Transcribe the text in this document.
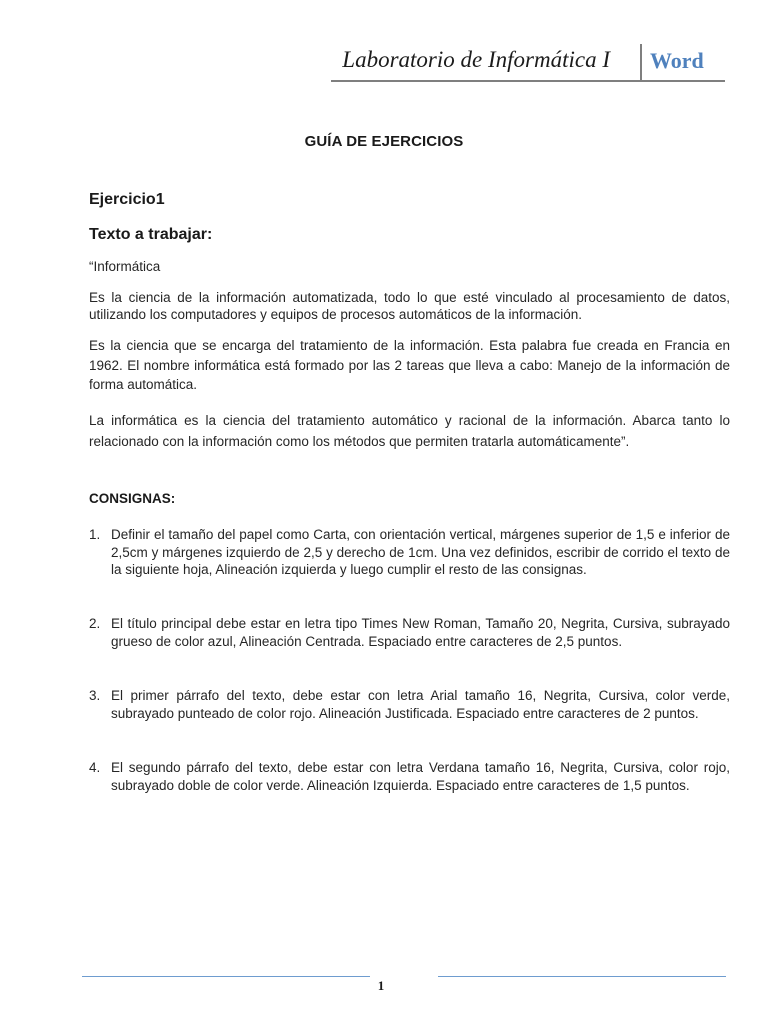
Laboratorio de Informática I Word
GUÍA DE EJERCICIOS
Ejercicio1
Texto a trabajar:
“Informática
Es la ciencia de la información automatizada, todo lo que esté vinculado al procesamiento de datos, utilizando los computadores y equipos de procesos automáticos de la información.
Es la ciencia que se encarga del tratamiento de la información. Esta palabra fue creada en Francia en 1962. El nombre informática está formado por las 2 tareas que lleva a cabo: Manejo de la información de forma automática.
La informática es la ciencia del tratamiento automático y racional de la información. Abarca tanto lo relacionado con la información como los métodos que permiten tratarla automáticamente”.
CONSIGNAS:
1. Definir el tamaño del papel como Carta, con orientación vertical, márgenes superior de 1,5 e inferior de 2,5cm y márgenes izquierdo de 2,5 y derecho de 1cm. Una vez definidos, escribir de corrido el texto de la siguiente hoja, Alineación izquierda y luego cumplir el resto de las consignas.
2. El título principal debe estar en letra tipo Times New Roman, Tamaño 20, Negrita, Cursiva, subrayado grueso de color azul, Alineación Centrada. Espaciado entre caracteres de 2,5 puntos.
3. El primer párrafo del texto, debe estar con letra Arial tamaño 16, Negrita, Cursiva, color verde, subrayado punteado de color rojo. Alineación Justificada. Espaciado entre caracteres de 2 puntos.
4. El segundo párrafo del texto, debe estar con letra Verdana tamaño 16, Negrita, Cursiva, color rojo, subrayado doble de color verde. Alineación Izquierda. Espaciado entre caracteres de 1,5 puntos.
1
